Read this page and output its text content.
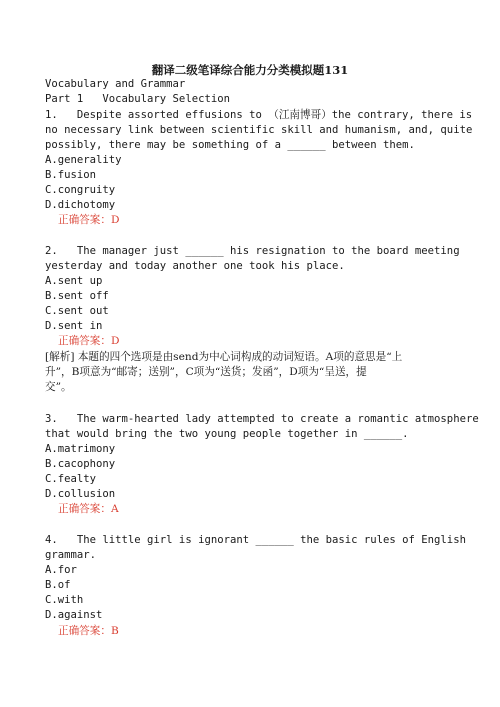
翻译二级笔译综合能力分类模拟题131
Vocabulary and Grammar
Part 1   Vocabulary Selection
1.   Despite assorted effusions to （江南博哥）the contrary, there is
no necessary link between scientific skill and humanism, and, quite
possibly, there may be something of a ______ between them.
A.generality
B.fusion
C.congruity
D.dichotomy
正确答案：D
2.   The manager just ______ his resignation to the board meeting
yesterday and today another one took his place.
A.sent up
B.sent off
C.sent out
D.sent in
正确答案：D
[解析] 本题的四个选项是由send为中心词构成的动词短语。A项的意思是“上
升”，B项意为“邮寄；送别”，C项为“送货；发函”，D项为“呈送，提
交”。
3.   The warm-hearted lady attempted to create a romantic atmosphere
that would bring the two young people together in ______.
A.matrimony
B.cacophony
C.fealty
D.collusion
正确答案：A
4.   The little girl is ignorant ______ the basic rules of English
grammar.
A.for
B.of
C.with
D.against
正确答案：B
